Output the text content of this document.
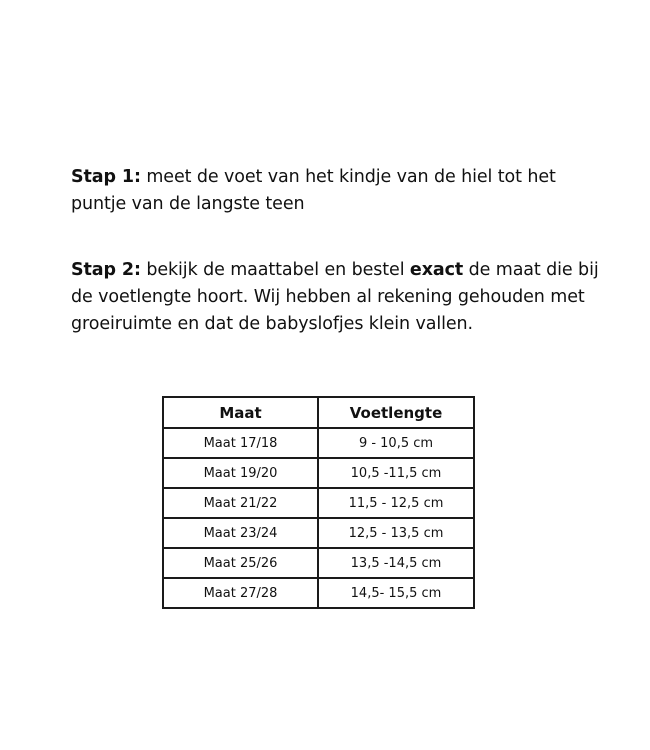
Stap 1: meet de voet van het kindje van de hiel tot het puntje van de langste teen

Stap 2: bekijk de maattabel en bestel exact de maat die bij de voetlengte hoort. Wij hebben al rekening gehouden met groeiruimte en dat de babyslofjes klein vallen.

Maat	Voetlengte
Maat 17/18	9 - 10,5 cm
Maat 19/20	10,5 -11,5 cm
Maat 21/22	11,5 - 12,5 cm
Maat 23/24	12,5 - 13,5 cm
Maat 25/26	13,5 -14,5 cm
Maat 27/28	14,5- 15,5 cm
